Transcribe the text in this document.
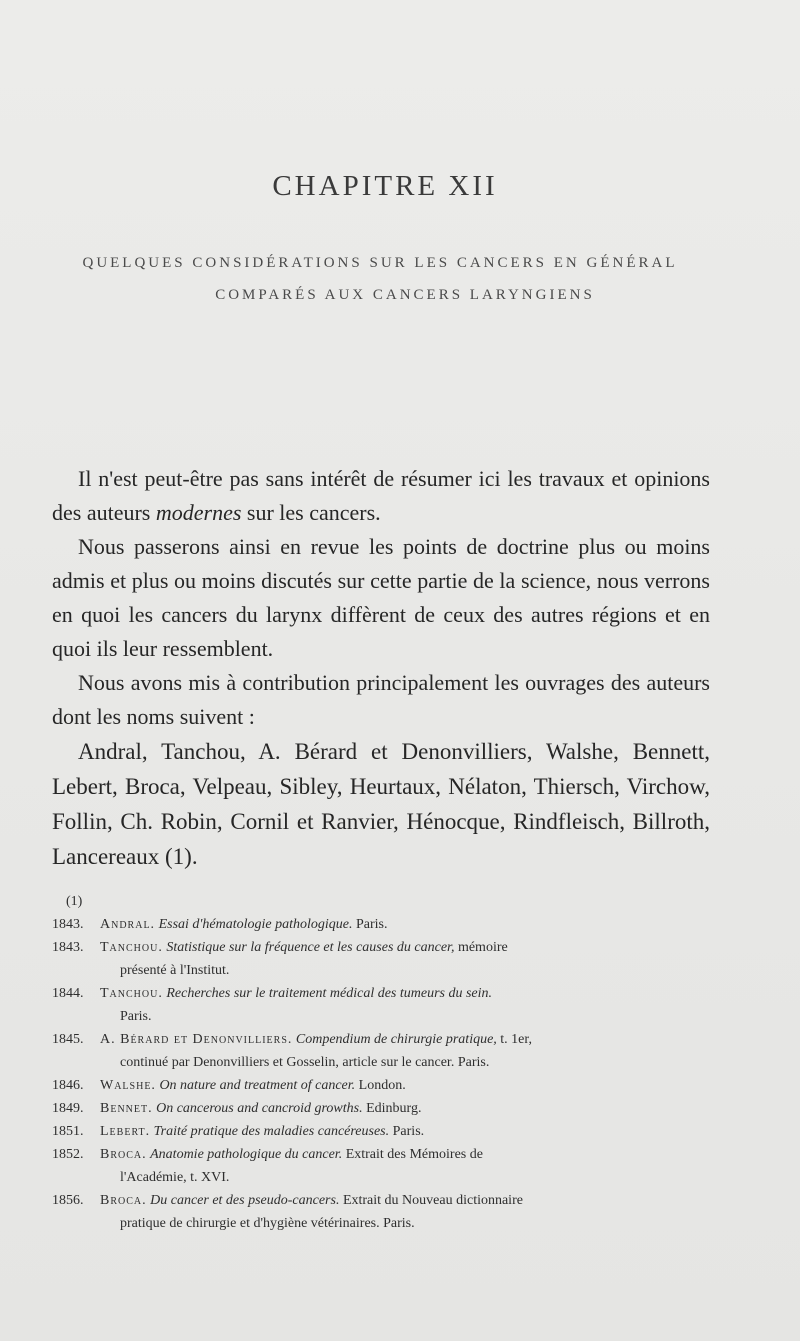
CHAPITRE XII
QUELQUES CONSIDÉRATIONS SUR LES CANCERS EN GÉNÉRAL
COMPARÉS AUX CANCERS LARYNGIENS

Il n'est peut-être pas sans intérêt de résumer ici les travaux et opinions des auteurs modernes sur les cancers.

Nous passerons ainsi en revue les points de doctrine plus ou moins admis et plus ou moins discutés sur cette partie de la science, nous verrons en quoi les cancers du larynx diffèrent de ceux des autres régions et en quoi ils leur ressemblent.

Nous avons mis à contribution principalement les ouvrages des auteurs dont les noms suivent :

Andral, Tanchou, A. Bérard et Denonvilliers, Walshe, Bennett, Lebert, Broca, Velpeau, Sibley, Heurtaux, Nélaton, Thiersch, Virchow, Follin, Ch. Robin, Cornil et Ranvier, Hénocque, Rindfleisch, Billroth, Lancereaux (1).

(1)
1843.	Andral. Essai d'hématologie pathologique. Paris.
1843.	Tanchou. Statistique sur la fréquence et les causes du cancer, mémoire
présenté à l'Institut.
1844.	Tanchou. Recherches sur le traitement médical des tumeurs du sein.
Paris.
1845.	A. Bérard et Denonvilliers. Compendium de chirurgie pratique, t. 1er,
continué par Denonvilliers et Gosselin, article sur le cancer. Paris.
1846.	Walshe. On nature and treatment of cancer. London.
1849.	Bennet. On cancerous and cancroid growths. Edinburg.
1851.	Lebert. Traité pratique des maladies cancéreuses. Paris.
1852.	Broca. Anatomie pathologique du cancer. Extrait des Mémoires de
l'Académie, t. XVI.
1856.	Broca. Du cancer et des pseudo-cancers. Extrait du Nouveau dictionnaire
pratique de chirurgie et d'hygiène vétérinaires. Paris.
